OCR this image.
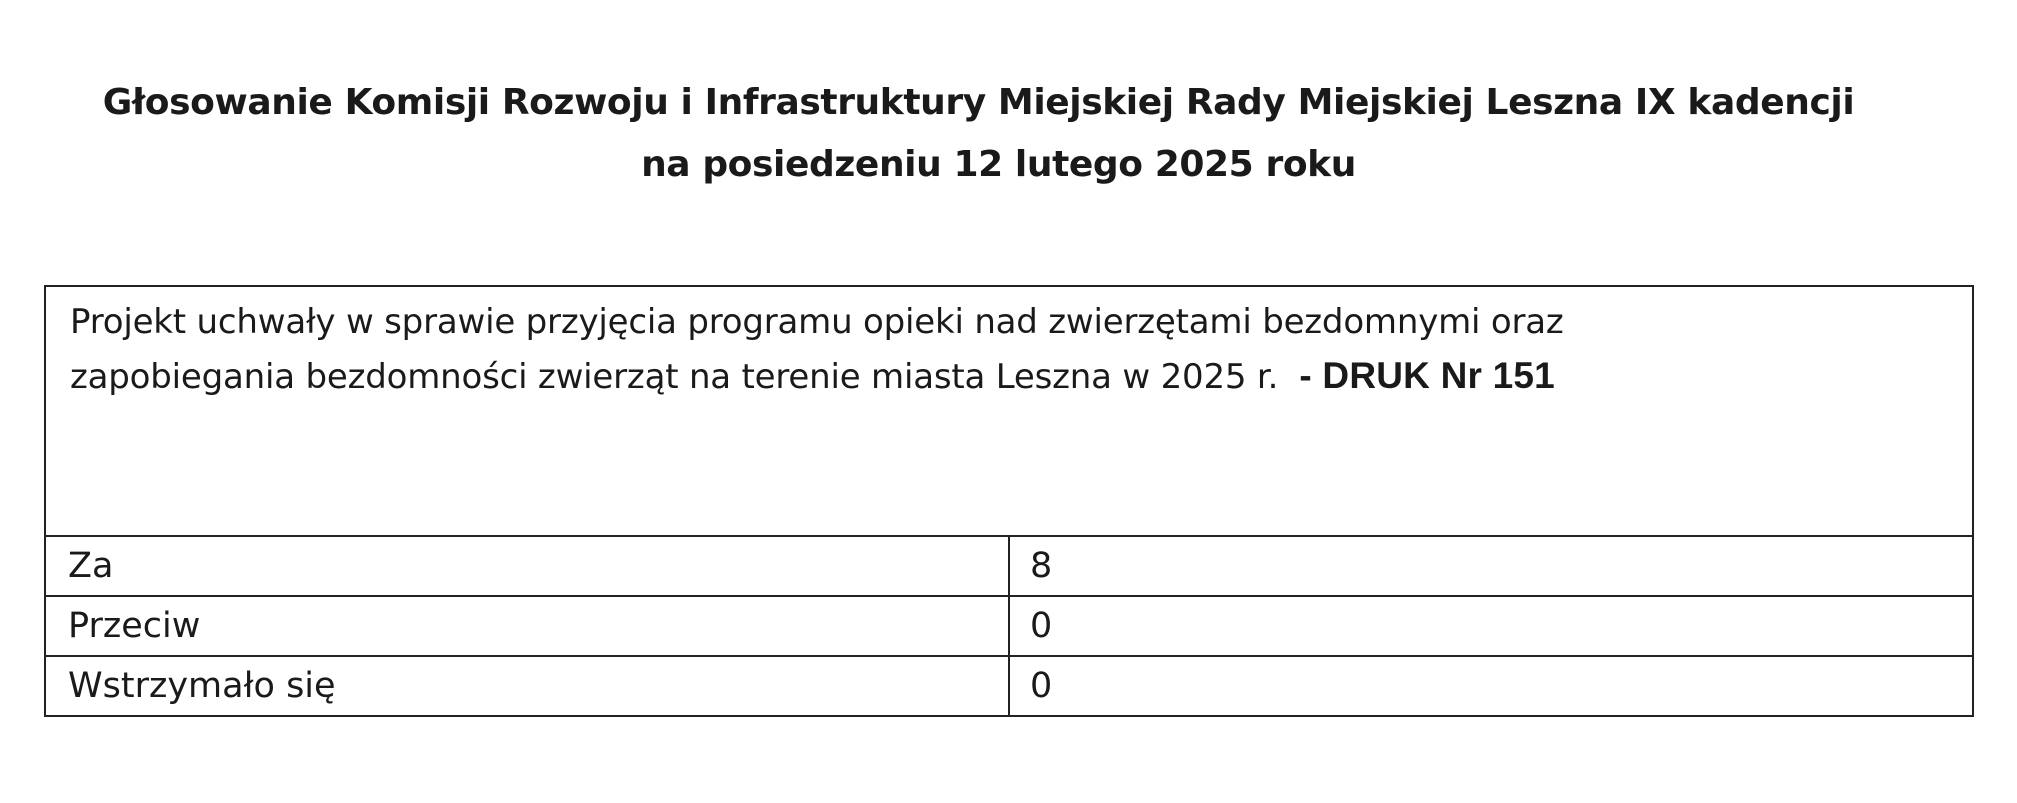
Głosowanie Komisji Rozwoju i Infrastruktury Miejskiej Rady Miejskiej Leszna IX kadencji
na posiedzeniu 12 lutego 2025 roku
Projekt uchwały w sprawie przyjęcia programu opieki nad zwierzętami bezdomnymi oraz
zapobiegania bezdomności zwierząt na terenie miasta Leszna w 2025 r. - DRUK Nr 151	
Za	8
Przeciw	0
Wstrzymało się	0
